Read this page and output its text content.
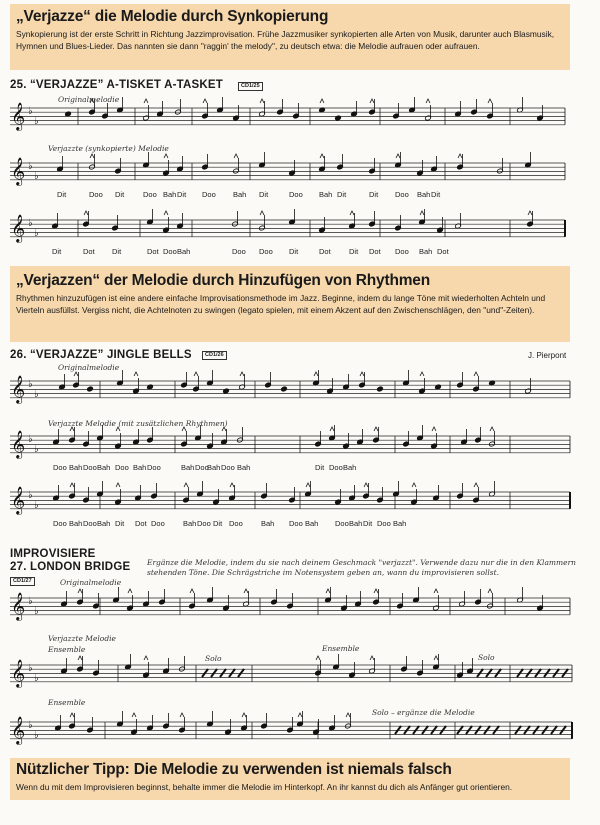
„Verjazze“ die Melodie durch Synkopierung

Synkopierung ist der erste Schritt in Richtung Jazzimprovisation. Frühe Jazzmusiker synkopierten alle Arten von Musik, darunter auch Blasmusik, Hymnen und Blues-Lieder. Das nannten sie dann "raggin' the melody", zu deutsch etwa: die Melodie aufrauen oder aufrauen.

25. “VERJAZZE” A-TISKET A-TASKET	CD1/25
Originalmelodie
Verjazzte (synkopierte) Melodie
„Verjazzen“ der Melodie durch Hinzufügen von Rhythmen

Rhythmen hinzuzufügen ist eine andere einfache Improvisationsmethode im Jazz. Beginne, indem du lange Töne mit wiederholten Achteln und Vierteln ausfüllst. Vergiss nicht, die Achtelnoten zu swingen (legato spielen, mit einem Akzent auf den Zwischenschlägen, den "und"-Zeiten).

26. “VERJAZZE” JINGLE BELLS	CD1/26	J. Pierpont
Originalmelodie
Verjazzte Melodie (mit zusätzlichen Rhythmen)
IMPROVISIERE
27. LONDON BRIDGE Ergänze die Melodie, indem du sie nach deinem Geschmack "verjazzt". Verwende dazu nur die in den Klammern stehenden Töne. Die Schrägstriche im Notensystem geben an, wann du improvisieren sollst.
CD1/27	Originalmelodie
Verjazzte Melodie
Ensemble
Solo
Ensemble
Solo
Ensemble
Solo – ergänze die Melodie
Nützlicher Tipp: Die Melodie zu verwenden ist niemals falsch

Wenn du mit dem Improvisieren beginnst, behalte immer die Melodie im Hinterkopf. An ihr kannst du dich als Anfänger gut orientieren.

𝄞 ♭
♭
𝄞 ♭
♭
Dit	Doo Dit	Doo Bah Dit Doo Bah Dit	Doo Bah Dit	Dit Doo Bah Dit
𝄞 ♭
♭
Dit	Dot Dit	Dot Doo Bah	Doo Doo Dit	Dot Dit Dot Doo Bah Dot
𝄞 ♭
♭
𝄞 ♭
♭
Doo Bah Doo Bah Doo Bah Doo	Bah Doo
Bah Doo Bah	Dit Doo Bah
𝄞 ♭
♭
Doo Bah Doo Bah Dit Dot Doo Bah Doo Dit Doo Bah Doo Bah Doo Bah Dit Doo Bah
𝄞 ♭
♭
𝄞 ♭
♭
𝄞 ♭
♭
